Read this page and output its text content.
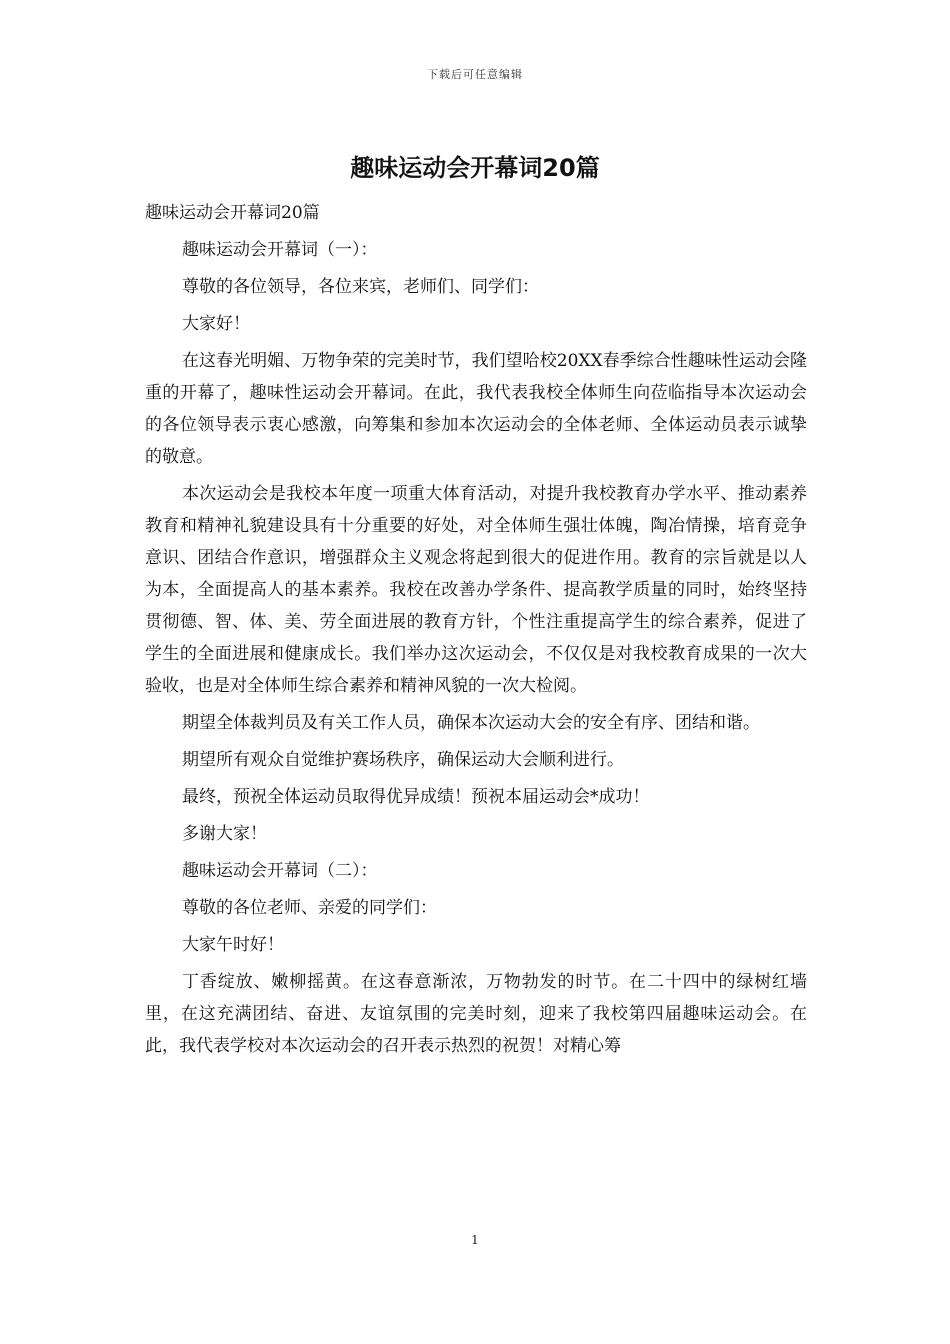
下载后可任意编辑
趣味运动会开幕词20篇

趣味运动会开幕词20篇

趣味运动会开幕词（一）：

尊敬的各位领导，各位来宾，老师们、同学们：

大家好！

在这春光明媚、万物争荣的完美时节，我们望哈校20XX春季综合性趣味性运动会隆重的开幕了，趣味性运动会开幕词。在此，我代表我校全体师生向莅临指导本次运动会的各位领导表示衷心感激，向筹集和参加本次运动会的全体老师、全体运动员表示诚挚的敬意。

本次运动会是我校本年度一项重大体育活动，对提升我校教育办学水平、推动素养教育和精神礼貌建设具有十分重要的好处，对全体师生强壮体魄，陶冶情操，培育竞争意识、团结合作意识，增强群众主义观念将起到很大的促进作用。教育的宗旨就是以人为本，全面提高人的基本素养。我校在改善办学条件、提高教学质量的同时，始终坚持贯彻德、智、体、美、劳全面进展的教育方针，个性注重提高学生的综合素养，促进了学生的全面进展和健康成长。我们举办这次运动会，不仅仅是对我校教育成果的一次大验收，也是对全体师生综合素养和精神风貌的一次大检阅。

期望全体裁判员及有关工作人员，确保本次运动大会的安全有序、团结和谐。

期望所有观众自觉维护赛场秩序，确保运动大会顺利进行。

最终，预祝全体运动员取得优异成绩！预祝本届运动会*成功！

多谢大家！

趣味运动会开幕词（二）：

尊敬的各位老师、亲爱的同学们：

大家午时好！

丁香绽放、嫩柳摇黄。在这春意渐浓，万物勃发的时节。在二十四中的绿树红墙里，在这充满团结、奋进、友谊氛围的完美时刻，迎来了我校第四届趣味运动会。在此，我代表学校对本次运动会的召开表示热烈的祝贺！对精心筹

1
